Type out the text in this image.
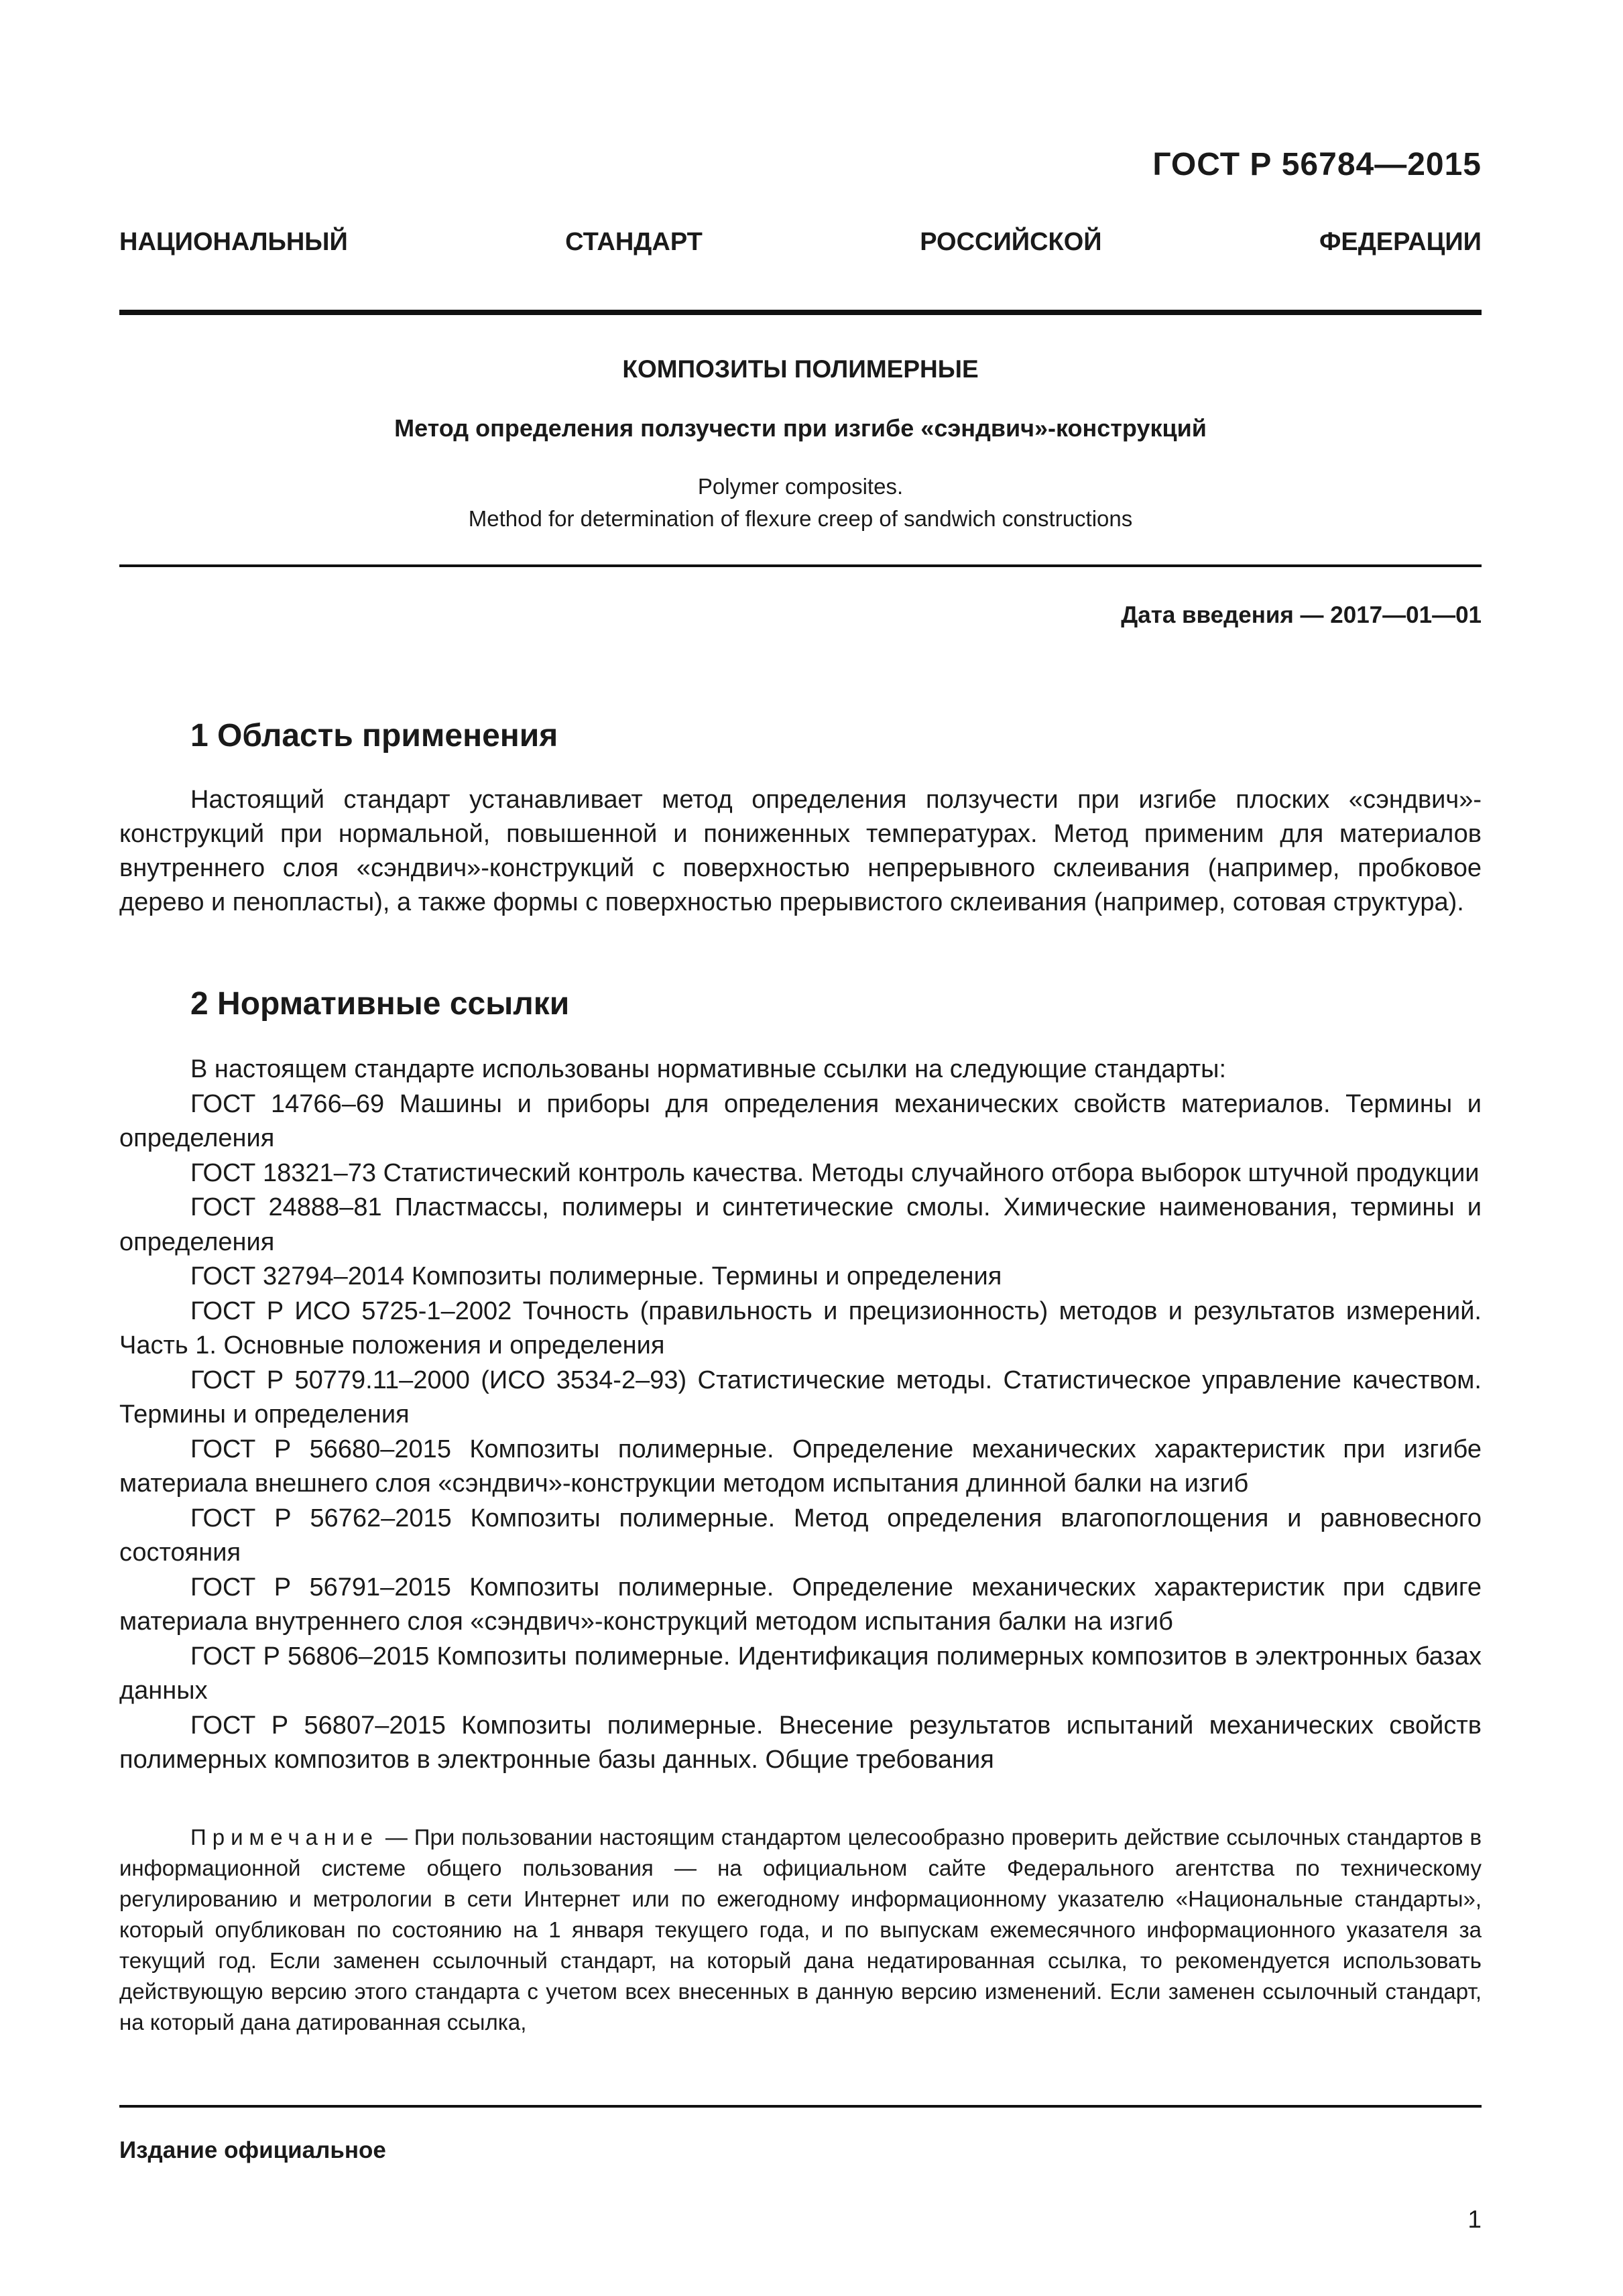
ГОСТ Р 56784—2015
НАЦИОНАЛЬНЫЙ	СТАНДАРТ	РОССИЙСКОЙ	ФЕДЕРАЦИИ
КОМПОЗИТЫ ПОЛИМЕРНЫЕ
Метод определения ползучести при изгибе «сэндвич»-конструкций
Polymer composites.
Method for determination of flexure creep of sandwich constructions
Дата введения — 2017—01—01
1 Область применения
Настоящий стандарт устанавливает метод определения ползучести при изгибе плоских «сэндвич»-конструкций при нормальной, повышенной и пониженных температурах. Метод применим для материалов внутреннего слоя «сэндвич»-конструкций с поверхностью непрерывного склеивания (например, пробковое дерево и пенопласты), а также формы с поверхностью прерывистого склеивания (например, сотовая структура).
2 Нормативные ссылки

В настоящем стандарте использованы нормативные ссылки на следующие стандарты:

ГОСТ 14766–69 Машины и приборы для определения механических свойств материалов. Термины и определения

ГОСТ 18321–73 Статистический контроль качества. Методы случайного отбора выборок штучной продукции

ГОСТ 24888–81 Пластмассы, полимеры и синтетические смолы. Химические наименования, термины и определения

ГОСТ 32794–2014 Композиты полимерные. Термины и определения

ГОСТ Р ИСО 5725-1–2002 Точность (правильность и прецизионность) методов и результатов измерений. Часть 1. Основные положения и определения

ГОСТ Р 50779.11–2000 (ИСО 3534-2–93) Статистические методы. Статистическое управление качеством. Термины и определения

ГОСТ Р 56680–2015 Композиты полимерные. Определение механических характеристик при изгибе материала внешнего слоя «сэндвич»-конструкции методом испытания длинной балки на изгиб

ГОСТ Р 56762–2015 Композиты полимерные. Метод определения влагопоглощения и равновесного состояния

ГОСТ Р 56791–2015 Композиты полимерные. Определение механических характеристик при сдвиге материала внутреннего слоя «сэндвич»-конструкций методом испытания балки на изгиб

ГОСТ Р 56806–2015 Композиты полимерные. Идентификация полимерных композитов в электронных базах данных

ГОСТ Р 56807–2015 Композиты полимерные. Внесение результатов испытаний механических свойств полимерных композитов в электронные базы данных. Общие требования

Примечание — При пользовании настоящим стандартом целесообразно проверить действие ссылочных стандартов в информационной системе общего пользования — на официальном сайте Федерального агентства по техническому регулированию и метрологии в сети Интернет или по ежегодному информационному указателю «Национальные стандарты», который опубликован по состоянию на 1 января текущего года, и по выпускам ежемесячного информационного указателя за текущий год. Если заменен ссылочный стандарт, на который дана недатированная ссылка, то рекомендуется использовать действующую версию этого стандарта с учетом всех внесенных в данную версию изменений. Если заменен ссылочный стандарт, на который дана датированная ссылка,
Издание официальное
1
